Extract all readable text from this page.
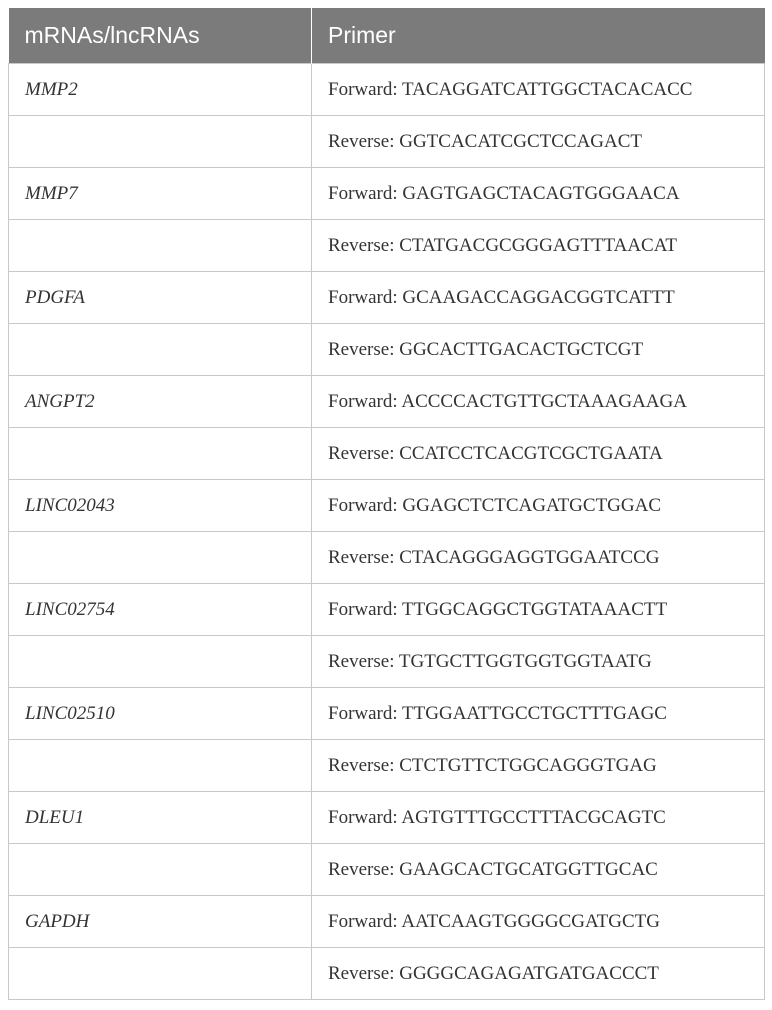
mRNAs/lncRNAs	Primer
MMP2	Forward: TACAGGATCATTGGCTACACACC
	Reverse: GGTCACATCGCTCCAGACT
MMP7	Forward: GAGTGAGCTACAGTGGGAACA
	Reverse: CTATGACGCGGGAGTTTAACAT
PDGFA	Forward: GCAAGACCAGGACGGTCATTT
	Reverse: GGCACTTGACACTGCTCGT
ANGPT2	Forward: ACCCCACTGTTGCTAAAGAAGA
	Reverse: CCATCCTCACGTCGCTGAATA
LINC02043	Forward: GGAGCTCTCAGATGCTGGAC
	Reverse: CTACAGGGAGGTGGAATCCG
LINC02754	Forward: TTGGCAGGCTGGTATAAACTT
	Reverse: TGTGCTTGGTGGTGGTAATG
LINC02510	Forward: TTGGAATTGCCTGCTTTGAGC
	Reverse: CTCTGTTCTGGCAGGGTGAG
DLEU1	Forward: AGTGTTTGCCTTTACGCAGTC
	Reverse: GAAGCACTGCATGGTTGCAC
GAPDH	Forward: AATCAAGTGGGGCGATGCTG
	Reverse: GGGGCAGAGATGATGACCCT
